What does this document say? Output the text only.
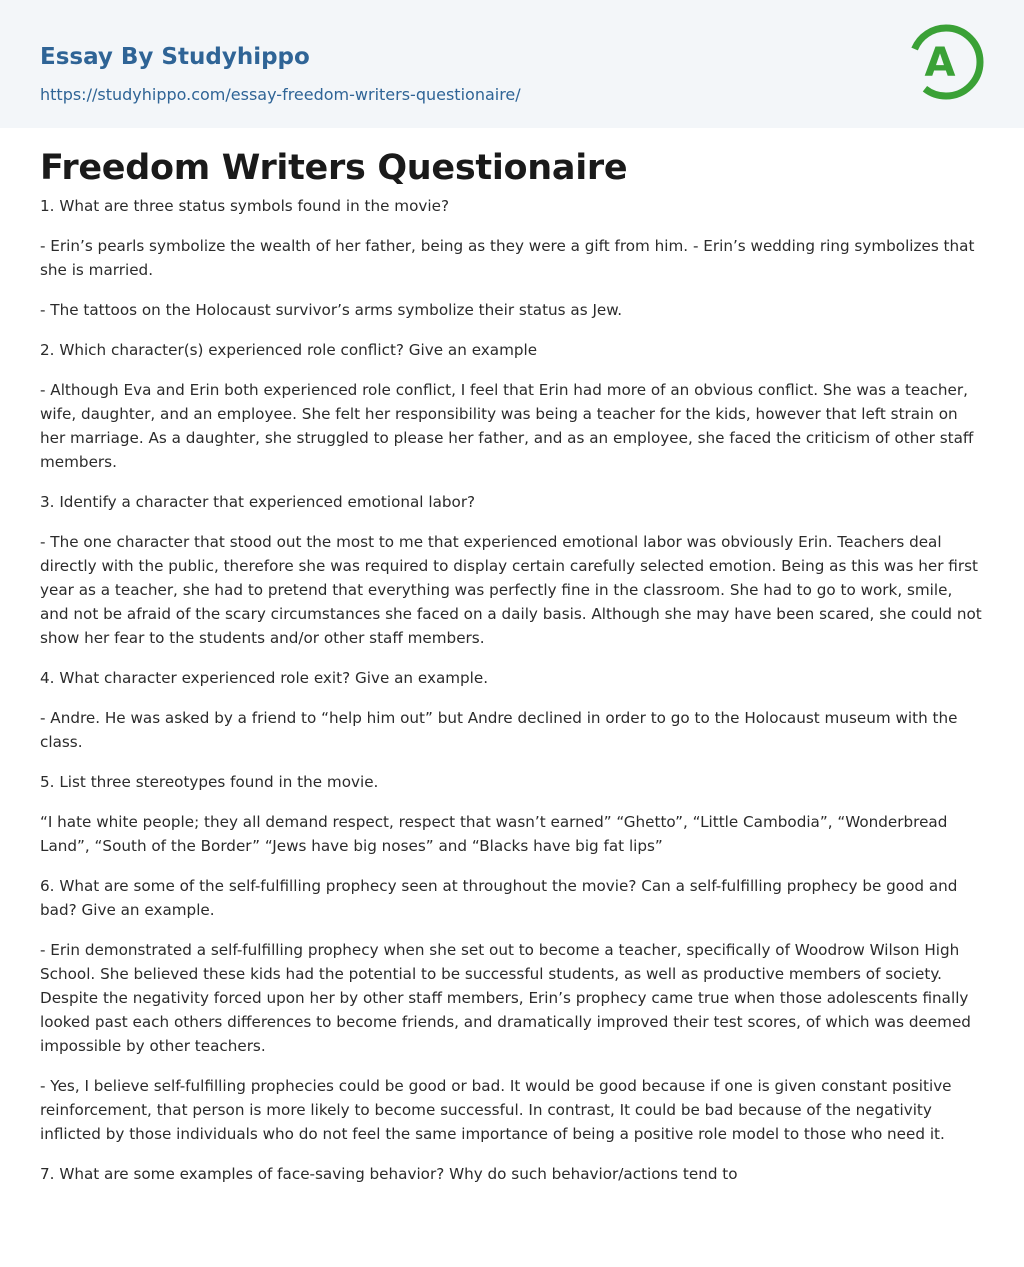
Essay By Studyhippo
https://studyhippo.com/essay-freedom-writers-questionaire/
A
Freedom Writers Questionaire

1. What are three status symbols found in the movie?

- Erin’s pearls symbolize the wealth of her father, being as they were a gift from him. - Erin’s wedding ring symbolizes that she is married.

- The tattoos on the Holocaust survivor’s arms symbolize their status as Jew.

2. Which character(s) experienced role conflict? Give an example

- Although Eva and Erin both experienced role conflict, I feel that Erin had more of an obvious conflict. She was a teacher, wife, daughter, and an employee. She felt her responsibility was being a teacher for the kids, however that left strain on her marriage. As a daughter, she struggled to please her father, and as an employee, she faced the criticism of other staff members.

3. Identify a character that experienced emotional labor?

- The one character that stood out the most to me that experienced emotional labor was obviously Erin. Teachers deal directly with the public, therefore she was required to display certain carefully selected emotion. Being as this was her first year as a teacher, she had to pretend that everything was perfectly fine in the classroom. She had to go to work, smile, and not be afraid of the scary circumstances she faced on a daily basis. Although she may have been scared, she could not show her fear to the students and/or other staff members.

4. What character experienced role exit? Give an example.

- Andre. He was asked by a friend to “help him out” but Andre declined in order to go to the Holocaust museum with the class.

5. List three stereotypes found in the movie.

“I hate white people; they all demand respect, respect that wasn’t earned” “Ghetto”, “Little Cambodia”, “Wonderbread Land”, “South of the Border” “Jews have big noses” and “Blacks have big fat lips”

6. What are some of the self-fulfilling prophecy seen at throughout the movie? Can a self-fulfilling prophecy be good and bad? Give an example.

- Erin demonstrated a self-fulfilling prophecy when she set out to become a teacher, specifically of Woodrow Wilson High School. She believed these kids had the potential to be successful students, as well as productive members of society. Despite the negativity forced upon her by other staff members, Erin’s prophecy came true when those adolescents finally looked past each others differences to become friends, and dramatically improved their test scores, of which was deemed impossible by other teachers.

- Yes, I believe self-fulfilling prophecies could be good or bad. It would be good because if one is given constant positive reinforcement, that person is more likely to become successful. In contrast, It could be bad because of the negativity inflicted by those individuals who do not feel the same importance of being a positive role model to those who need it.

7. What are some examples of face-saving behavior? Why do such behavior/actions tend to
